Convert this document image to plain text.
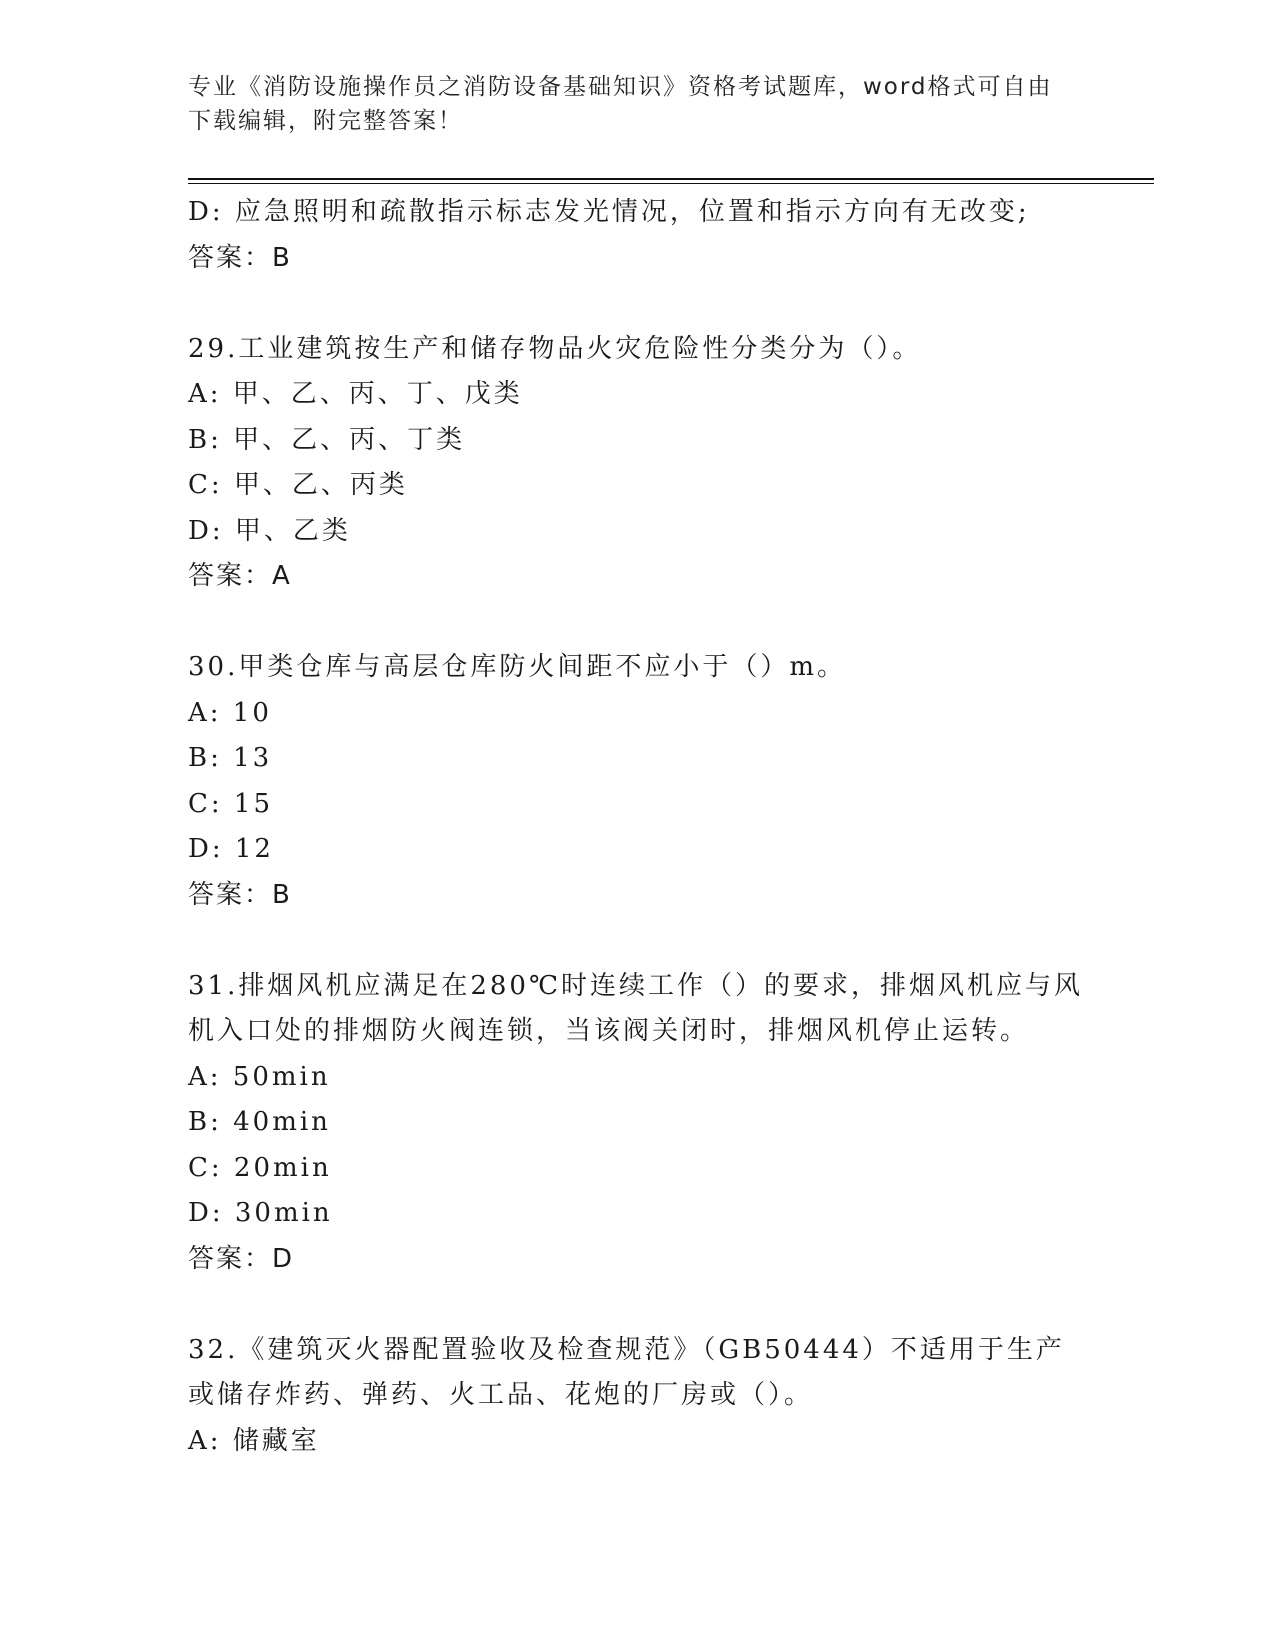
专业《消防设施操作员之消防设备基础知识》资格考试题库，word格式可自由下载编辑，附完整答案！
D: 应急照明和疏散指示标志发光情况，位置和指示方向有无改变;
答案：B
29.工业建筑按生产和储存物品火灾危险性分类分为（）。
A: 甲、乙、丙、丁、戊类
B: 甲、乙、丙、丁类
C: 甲、乙、丙类
D: 甲、乙类
答案：A
30.甲类仓库与高层仓库防火间距不应小于（）m。
A: 10
B: 13
C: 15
D: 12
答案：B
31.排烟风机应满足在280℃时连续工作（）的要求，排烟风机应与风机入口处的排烟防火阀连锁，当该阀关闭时，排烟风机停止运转。
A: 50min
B: 40min
C: 20min
D: 30min
答案：D
32.《建筑灭火器配置验收及检查规范》（GB50444）不适用于生产或储存炸药、弹药、火工品、花炮的厂房或（）。
A: 储藏室
